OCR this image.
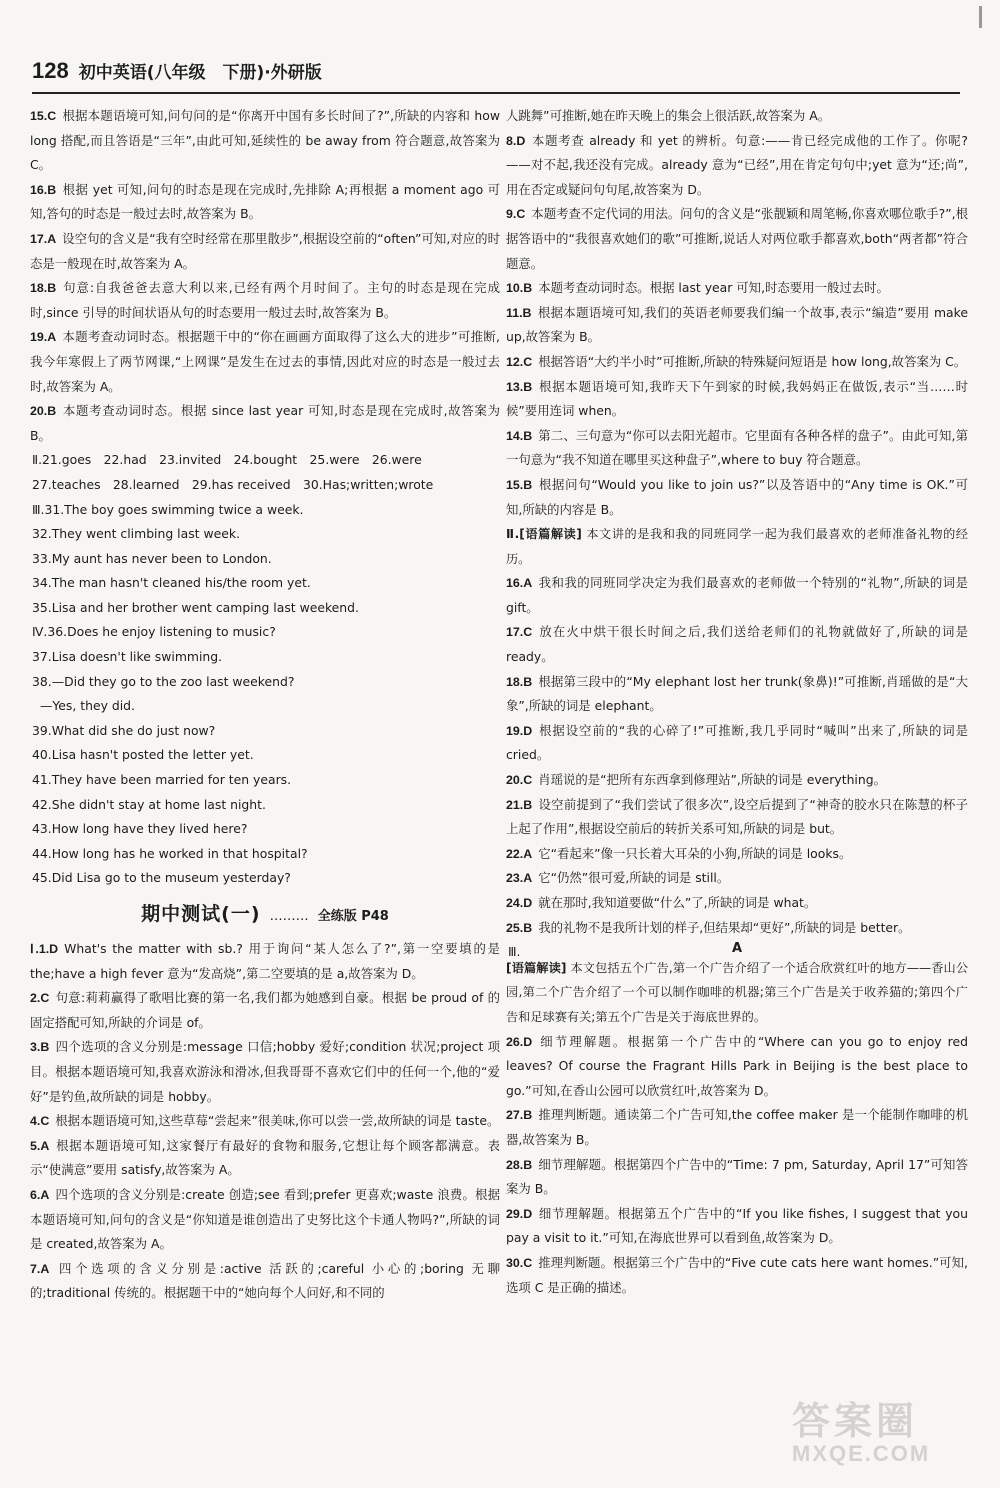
128 初中英语(八年级　下册)·外研版

15.C 根据本题语境可知,问句问的是“你离开中国有多长时间了?”,所缺的内容和 how long 搭配,而且答语是“三年”,由此可知,延续性的 be away from 符合题意,故答案为 C。

16.B 根据 yet 可知,问句的时态是现在完成时,先排除 A;再根据 a moment ago 可知,答句的时态是一般过去时,故答案为 B。

17.A 设空句的含义是“我有空时经常在那里散步”,根据设空前的“often”可知,对应的时态是一般现在时,故答案为 A。

18.B 句意:自我爸爸去意大利以来,已经有两个月时间了。主句的时态是现在完成时,since 引导的时间状语从句的时态要用一般过去时,故答案为 B。

19.A 本题考查动词时态。根据题干中的“你在画画方面取得了这么大的进步”可推断,我今年寒假上了两节网课,“上网课”是发生在过去的事情,因此对应的时态是一般过去时,故答案为 A。

20.B 本题考查动词时态。根据 since last year 可知,时态是现在完成时,故答案为 B。

Ⅱ.21.goes　22.had　23.invited　24.bought　25.were　26.were

27.teaches　28.learned　29.has received　30.Has;written;wrote

Ⅲ.31.The boy goes swimming twice a week.

32.They went climbing last week.

33.My aunt has never been to London.

34.The man hasn't cleaned his/the room yet.

35.Lisa and her brother went camping last weekend.

Ⅳ.36.Does he enjoy listening to music?

37.Lisa doesn't like swimming.

38.—Did they go to the zoo last weekend?

—Yes, they did.

39.What did she do just now?

40.Lisa hasn't posted the letter yet.

41.They have been married for ten years.

42.She didn't stay at home last night.

43.How long have they lived here?

44.How long has he worked in that hospital?

45.Did Lisa go to the museum yesterday?

期中测试(一) ……… 全练版 P48

Ⅰ.1.D What's the matter with sb.? 用于询问“某人怎么了?”,第一空要填的是 the;have a high fever 意为“发高烧”,第二空要填的是 a,故答案为 D。

2.C 句意:莉莉赢得了歌唱比赛的第一名,我们都为她感到自豪。根据 be proud of 的固定搭配可知,所缺的介词是 of。

3.B 四个选项的含义分别是:message 口信;hobby 爱好;condition 状况;project 项目。根据本题语境可知,我喜欢游泳和滑冰,但我哥哥不喜欢它们中的任何一个,他的“爱好”是钓鱼,故所缺的词是 hobby。

4.C 根据本题语境可知,这些草莓“尝起来”很美味,你可以尝一尝,故所缺的词是 taste。

5.A 根据本题语境可知,这家餐厅有最好的食物和服务,它想让每个顾客都满意。表示“使满意”要用 satisfy,故答案为 A。

6.A 四个选项的含义分别是:create 创造;see 看到;prefer 更喜欢;waste 浪费。根据本题语境可知,问句的含义是“你知道是谁创造出了史努比这个卡通人物吗?”,所缺的词是 created,故答案为 A。

7.A 四个选项的含义分别是:active 活跃的;careful 小心的;boring 无聊的;traditional 传统的。根据题干中的“她向每个人问好,和不同的

人跳舞”可推断,她在昨天晚上的集会上很活跃,故答案为 A。

8.D 本题考查 already 和 yet 的辨析。句意:——肯已经完成他的工作了。你呢?——对不起,我还没有完成。already 意为“已经”,用在肯定句句中;yet 意为“还;尚”,用在否定或疑问句句尾,故答案为 D。

9.C 本题考查不定代词的用法。问句的含义是“张靓颖和周笔畅,你喜欢哪位歌手?”,根据答语中的“我很喜欢她们的歌”可推断,说话人对两位歌手都喜欢,both“两者都”符合题意。

10.B 本题考查动词时态。根据 last year 可知,时态要用一般过去时。

11.B 根据本题语境可知,我们的英语老师要我们编一个故事,表示“编造”要用 make up,故答案为 B。

12.C 根据答语“大约半小时”可推断,所缺的特殊疑问短语是 how long,故答案为 C。

13.B 根据本题语境可知,我昨天下午到家的时候,我妈妈正在做饭,表示“当……时候”要用连词 when。

14.B 第二、三句意为“你可以去阳光超市。它里面有各种各样的盘子”。由此可知,第一句意为“我不知道在哪里买这种盘子”,where to buy 符合题意。

15.B 根据问句“Would you like to join us?”以及答语中的“Any time is OK.”可知,所缺的内容是 B。

Ⅱ.[语篇解读] 本文讲的是我和我的同班同学一起为我们最喜欢的老师准备礼物的经历。

16.A 我和我的同班同学决定为我们最喜欢的老师做一个特别的“礼物”,所缺的词是 gift。

17.C 放在火中烘干很长时间之后,我们送给老师们的礼物就做好了,所缺的词是 ready。

18.B 根据第三段中的“My elephant lost her trunk(象鼻)!”可推断,肖瑶做的是“大象”,所缺的词是 elephant。

19.D 根据设空前的“我的心碎了!”可推断,我几乎同时“喊叫”出来了,所缺的词是 cried。

20.C 肖瑶说的是“把所有东西拿到修理站”,所缺的词是 everything。

21.B 设空前提到了“我们尝试了很多次”,设空后提到了“神奇的胶水只在陈慧的杯子上起了作用”,根据设空前后的转折关系可知,所缺的词是 but。

22.A 它“看起来”像一只长着大耳朵的小狗,所缺的词是 looks。

23.A 它“仍然”很可爱,所缺的词是 still。

24.D 就在那时,我知道要做“什么”了,所缺的词是 what。

25.B 我的礼物不是我所计划的样子,但结果却“更好”,所缺的词是 better。

Ⅲ.	A

[语篇解读] 本文包括五个广告,第一个广告介绍了一个适合欣赏红叶的地方——香山公园,第二个广告介绍了一个可以制作咖啡的机器;第三个广告是关于收养猫的;第四个广告和足球赛有关;第五个广告是关于海底世界的。

26.D 细节理解题。根据第一个广告中的“Where can you go to enjoy red leaves? Of course the Fragrant Hills Park in Beijing is the best place to go.”可知,在香山公园可以欣赏红叶,故答案为 D。

27.B 推理判断题。通读第二个广告可知,the coffee maker 是一个能制作咖啡的机器,故答案为 B。

28.B 细节理解题。根据第四个广告中的“Time: 7 pm, Saturday, April 17”可知答案为 B。

29.D 细节理解题。根据第五个广告中的“If you like fishes, I suggest that you pay a visit to it.”可知,在海底世界可以看到鱼,故答案为 D。

30.C 推理判断题。根据第三个广告中的“Five cute cats here want homes.”可知,选项 C 是正确的描述。

答案圈
MXQE.COM
